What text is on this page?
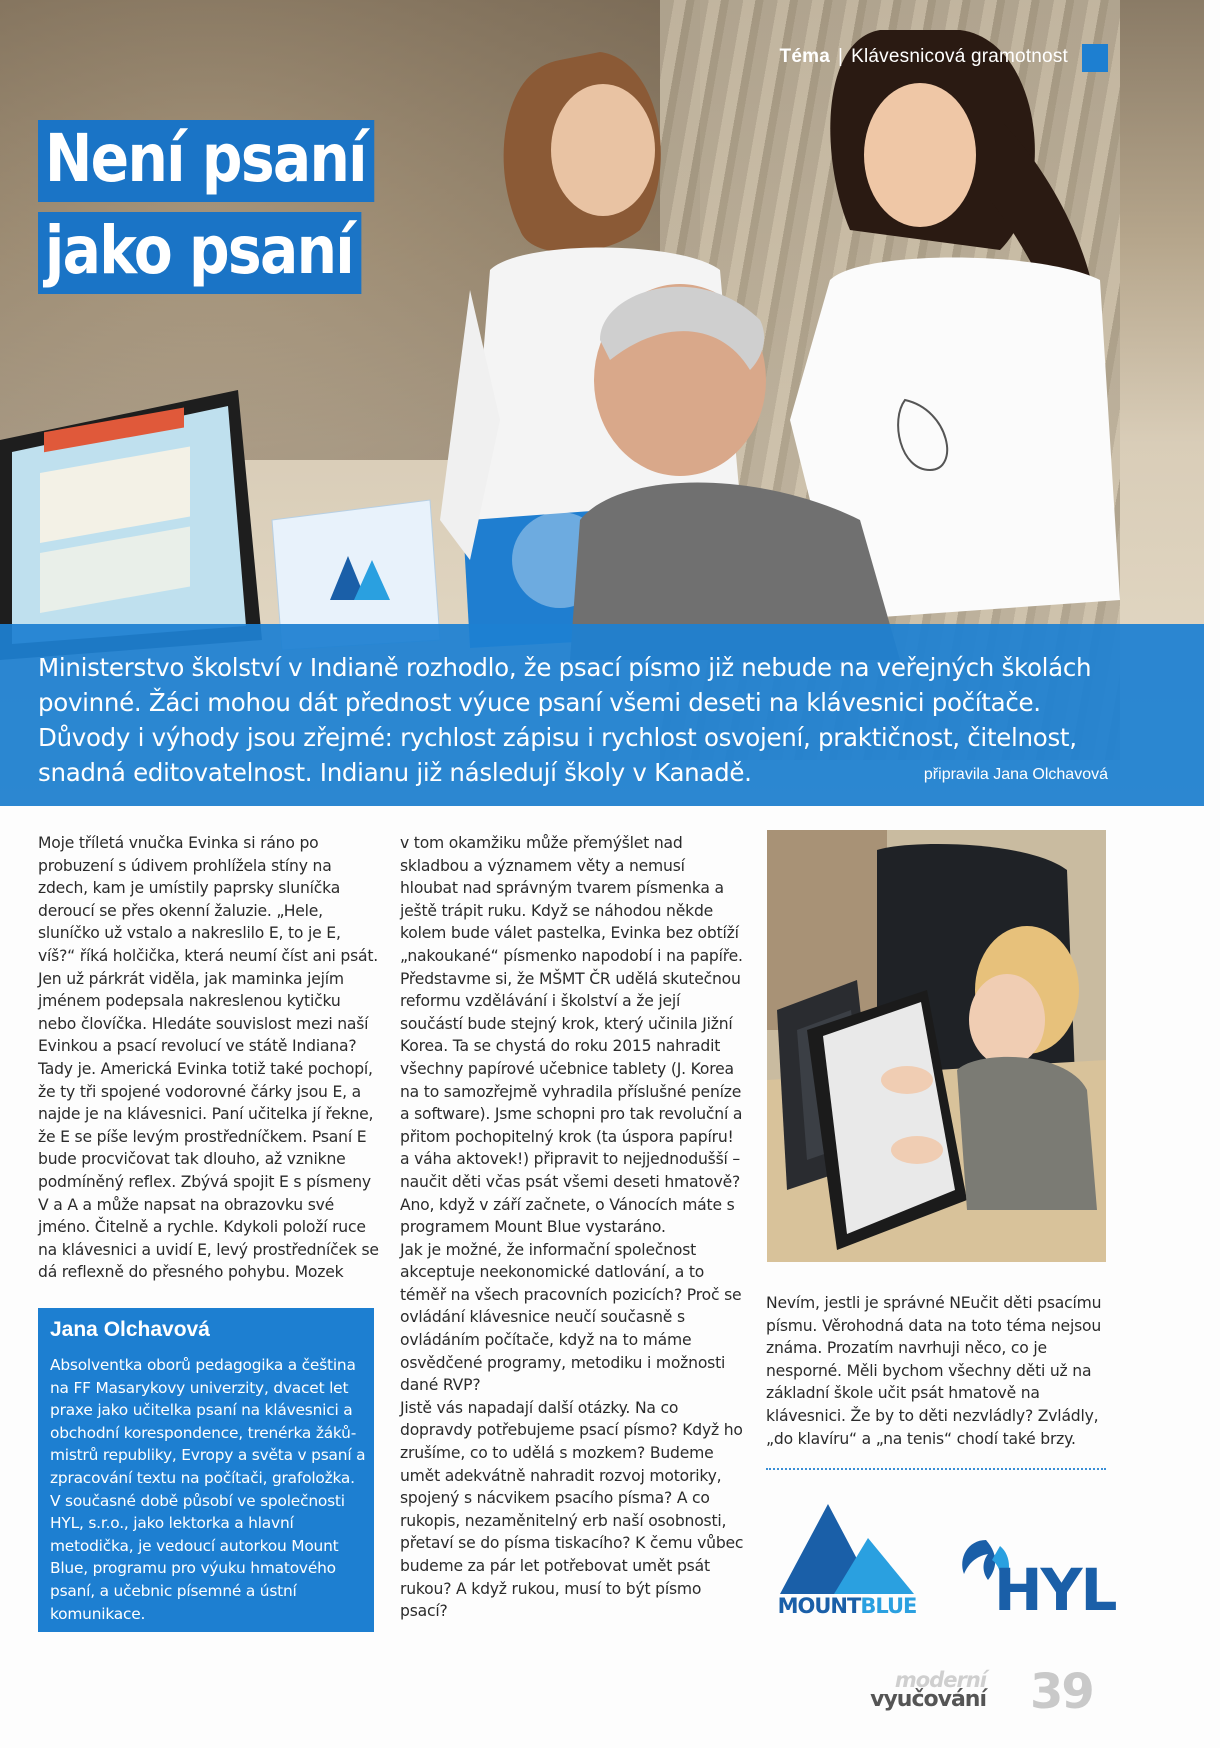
Téma | Klávesnicová gramotnost
Není psaní
jako psaní

Ministerstvo školství v Indianě rozhodlo, že psací písmo již nebude na veřejných školách povinné. Žáci mohou dát přednost výuce psaní všemi deseti na klávesnici počítače. Důvody i výhody jsou zřejmé: rychlost zápisu i rychlost osvojení, praktičnost, čitelnost, snadná editovatelnost. Indianu již následují školy v Kanadě.	připravila Jana Olchavová

Moje tříletá vnučka Evinka si ráno po probuzení s údivem prohlížela stíny na zdech, kam je umístily paprsky sluníčka deroucí se přes okenní žaluzie. „Hele, sluníčko už vstalo a nakreslilo E, to je E, víš?“ říká holčička, která neumí číst ani psát. Jen už párkrát viděla, jak maminka jejím jménem podepsala nakreslenou kytičku nebo človíčka. Hledáte souvislost mezi naší Evinkou a psací revolucí ve státě Indiana? Tady je. Americká Evinka totiž také pochopí, že ty tři spojené vodorovné čárky jsou E, a najde je na klávesnici. Paní učitelka jí řekne, že E se píše levým prostředníčkem. Psaní E bude procvičovat tak dlouho, až vznikne podmíněný reflex. Zbývá spojit E s písmeny V a A a může napsat na obrazovku své jméno. Čitelně a rychle. Kdykoli položí ruce na klávesnici a uvidí E, levý prostředníček se dá reflexně do přesného pohybu. Mozek

Jana Olchavová
Absolventka oborů pedagogika a čeština na FF Masarykovy univerzity, dvacet let praxe jako učitelka psaní na klávesnici a obchodní korespondence, trenérka žáků-mistrů republiky, Evropy a světa v psaní a zpracování textu na počítači, grafoložka. V současné době působí ve společnosti HYL, s.r.o., jako lektorka a hlavní metodička, je vedoucí autorkou Mount Blue, programu pro výuku hmatového psaní, a učebnic písemné a ústní komunikace.

v tom okamžiku může přemýšlet nad skladbou a významem věty a nemusí hloubat nad správným tvarem písmenka a ještě trápit ruku. Když se náhodou někde kolem bude válet pastelka, Evinka bez obtíží „nakoukané“ písmenko napodobí i na papíře. Představme si, že MŠMT ČR udělá skutečnou reformu vzdělávání i školství a že její součástí bude stejný krok, který učinila Jižní Korea. Ta se chystá do roku 2015 nahradit všechny papírové učebnice tablety (J. Korea na to samozřejmě vyhradila příslušné peníze a software). Jsme schopni pro tak revoluční a přitom pochopitelný krok (ta úspora papíru! a váha aktovek!) připravit to nejjednodušší – naučit děti včas psát všemi deseti hmatově? Ano, když v září začnete, o Vánocích máte s programem Mount Blue vystaráno.
Jak je možné, že informační společnost akceptuje neekonomické datlování, a to téměř na všech pracovních pozicích? Proč se ovládání klávesnice neučí současně s ovládáním počítače, když na to máme osvědčené programy, metodiku i možnosti dané RVP?
Jistě vás napadají další otázky. Na co dopravdy potřebujeme psací písmo? Když ho zrušíme, co to udělá s mozkem? Budeme umět adekvátně nahradit rozvoj motoriky, spojený s nácvikem psacího písma? A co rukopis, nezaměnitelný erb naší osobnosti, přetaví se do písma tiskacího? K čemu vůbec budeme za pár let potřebovat umět psát rukou? A když rukou, musí to být písmo psací?

Nevím, jestli je správné NEučit děti psacímu písmu. Věrohodná data na toto téma nejsou známa. Prozatím navrhuji něco, co je nesporné. Měli bychom všechny děti už na základní škole učit psát hmatově na klávesnici. Že by to děti nezvládly? Zvládly, „do klavíru“ a „na tenis“ chodí také brzy.

MOUNTBLUE HYL
moderní
vyučování 39
